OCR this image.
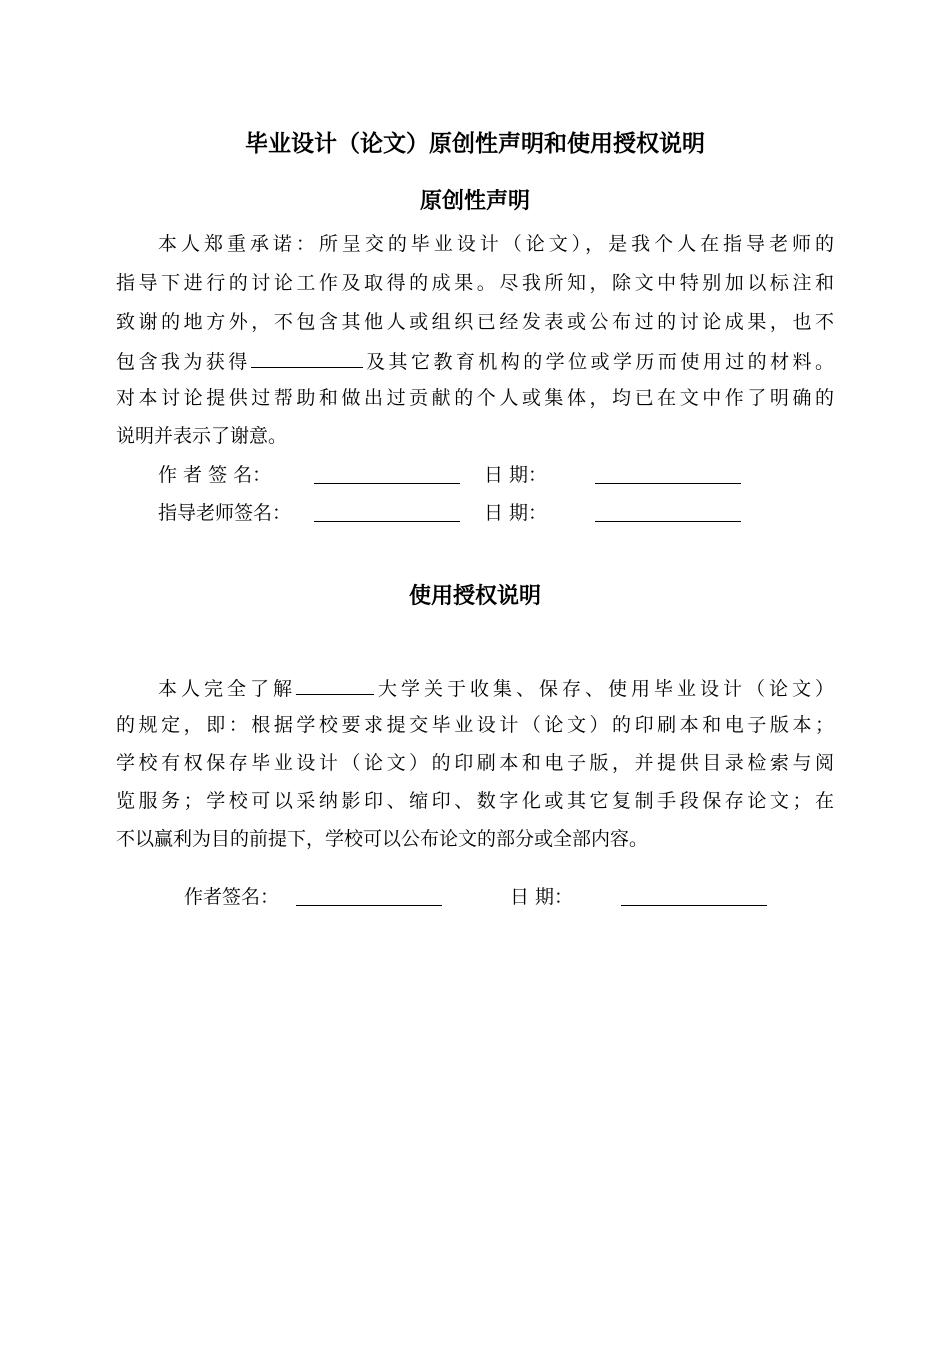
毕业设计（论文）原创性声明和使用授权说明
原创性声明

本人郑重承诺：所呈交的毕业设计（论文），是我个人在指导老师的

指导下进行的讨论工作及取得的成果。尽我所知，除文中特别加以标注和

致谢的地方外，不包含其他人或组织已经发表或公布过的讨论成果，也不

包含我为获得	及其它教育机构的学位或学历而使用过的材料。

对本讨论提供过帮助和做出过贡献的个人或集体，均已在文中作了明确的

说明并表示了谢意。

作 者 签 名：	日 期：

指导老师签名：	日 期：

使用授权说明

本人完全了解	大学关于收集、保存、使用毕业设计（论文）

的规定，即：根据学校要求提交毕业设计（论文）的印刷本和电子版本；

学校有权保存毕业设计（论文）的印刷本和电子版，并提供目录检索与阅

览服务；学校可以采纳影印、缩印、数字化或其它复制手段保存论文；在

不以赢利为目的前提下，学校可以公布论文的部分或全部内容。

作者签名：	日 期：
